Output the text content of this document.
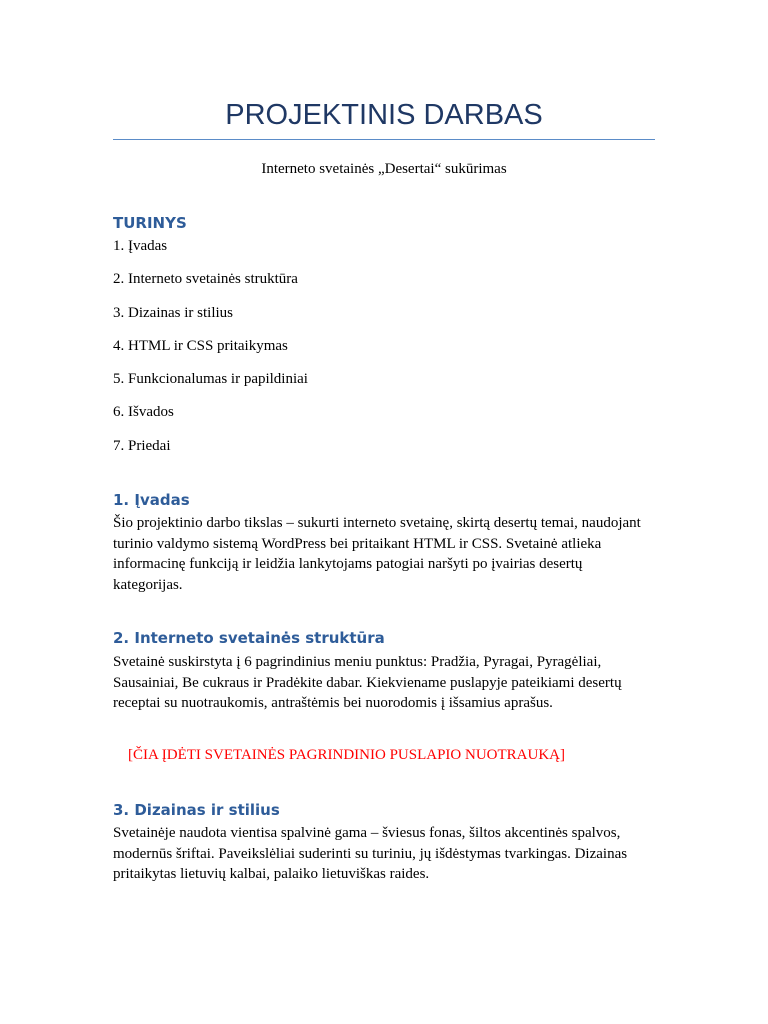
PROJEKTINIS DARBAS
Interneto svetainės „Desertai“ sukūrimas
TURINYS
1. Įvadas
2. Interneto svetainės struktūra
3. Dizainas ir stilius
4. HTML ir CSS pritaikymas
5. Funkcionalumas ir papildiniai
6. Išvados
7. Priedai
1. Įvadas

Šio projektinio darbo tikslas – sukurti interneto svetainę, skirtą desertų temai, naudojant turinio valdymo sistemą WordPress bei pritaikant HTML ir CSS. Svetainė atlieka informacinę funkciją ir leidžia lankytojams patogiai naršyti po įvairias desertų kategorijas.

2. Interneto svetainės struktūra

Svetainė suskirstyta į 6 pagrindinius meniu punktus: Pradžia, Pyragai, Pyragėliai, Sausainiai, Be cukraus ir Pradėkite dabar. Kiekviename puslapyje pateikiami desertų receptai su nuotraukomis, antraštėmis bei nuorodomis į išsamius aprašus.

[ČIA ĮDĖTI SVETAINĖS PAGRINDINIO PUSLAPIO NUOTRAUKĄ]
3. Dizainas ir stilius

Svetainėje naudota vientisa spalvinė gama – šviesus fonas, šiltos akcentinės spalvos, modernūs šriftai. Paveikslėliai suderinti su turiniu, jų išdėstymas tvarkingas. Dizainas pritaikytas lietuvių kalbai, palaiko lietuviškas raides.
